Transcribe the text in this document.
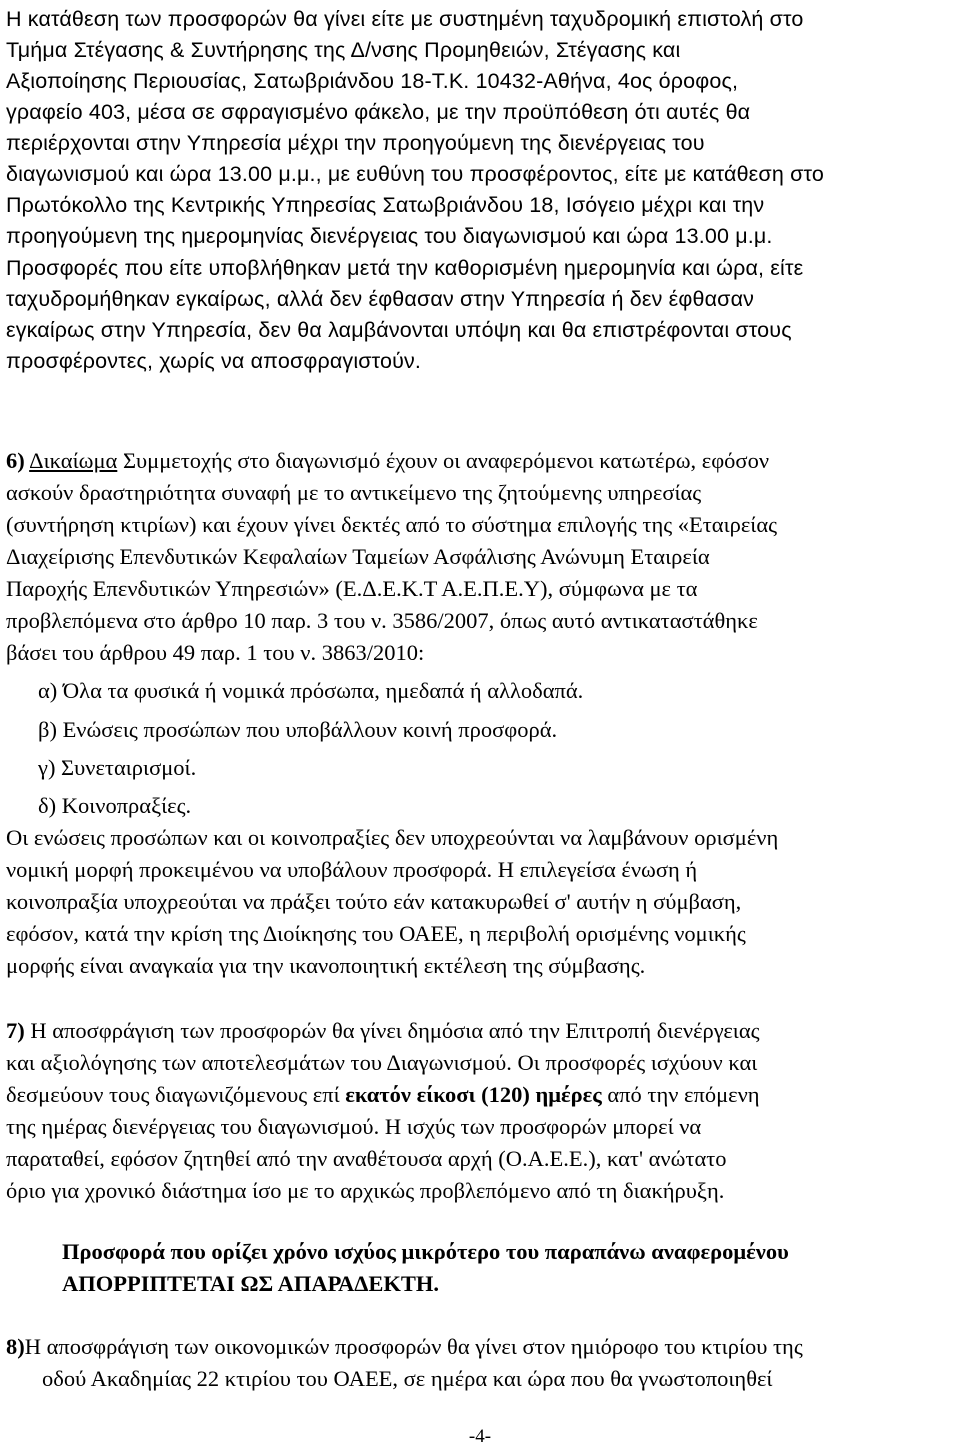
Η κατάθεση των προσφορών θα γίνει είτε με συστημένη ταχυδρομική επιστολή στο
Τμήμα Στέγασης & Συντήρησης της Δ/νσης Προμηθειών, Στέγασης και
Αξιοποίησης Περιουσίας, Σατωβριάνδου 18-Τ.Κ. 10432-Αθήνα, 4ος όροφος,
γραφείο 403, μέσα σε σφραγισμένο φάκελο, με την προϋπόθεση ότι αυτές θα
περιέρχονται στην Υπηρεσία μέχρι την προηγούμενη της διενέργειας του
διαγωνισμού και ώρα 13.00 μ.μ., με ευθύνη του προσφέροντος, είτε με κατάθεση στο
Πρωτόκολλο της Κεντρικής Υπηρεσίας Σατωβριάνδου 18, Ισόγειο μέχρι και την
προηγούμενη της ημερομηνίας διενέργειας του διαγωνισμού και ώρα 13.00 μ.μ.
Προσφορές που είτε υποβλήθηκαν μετά την καθορισμένη ημερομηνία και ώρα, είτε
ταχυδρομήθηκαν εγκαίρως, αλλά δεν έφθασαν στην Υπηρεσία ή δεν έφθασαν
εγκαίρως στην Υπηρεσία, δεν θα λαμβάνονται υπόψη και θα επιστρέφονται στους
προσφέροντες, χωρίς να αποσφραγιστούν.
6) Δικαίωμα Συμμετοχής στο διαγωνισμό έχουν οι αναφερόμενοι κατωτέρω, εφόσον
ασκούν δραστηριότητα συναφή με το αντικείμενο της ζητούμενης υπηρεσίας
(συντήρηση κτιρίων) και έχουν γίνει δεκτές από το σύστημα επιλογής της «Εταιρείας
Διαχείρισης Επενδυτικών Κεφαλαίων Ταμείων Ασφάλισης Ανώνυμη Εταιρεία
Παροχής Επενδυτικών Υπηρεσιών» (Ε.Δ.Ε.Κ.Τ Α.Ε.Π.Ε.Υ), σύμφωνα με τα
προβλεπόμενα στο άρθρο 10 παρ. 3 του ν. 3586/2007, όπως αυτό αντικαταστάθηκε
βάσει του άρθρου 49 παρ. 1 του ν. 3863/2010:
α) Όλα τα φυσικά ή νομικά πρόσωπα, ημεδαπά ή αλλοδαπά.
β) Ενώσεις προσώπων που υποβάλλουν κοινή προσφορά.
γ) Συνεταιρισμοί.
δ) Κοινοπραξίες.
Οι ενώσεις προσώπων και οι κοινοπραξίες δεν υποχρεούνται να λαμβάνουν ορισμένη
νομική μορφή προκειμένου να υποβάλουν προσφορά. Η επιλεγείσα ένωση ή
κοινοπραξία υποχρεούται να πράξει τούτο εάν κατακυρωθεί σ' αυτήν η σύμβαση,
εφόσον, κατά την κρίση της Διοίκησης του ΟΑΕΕ, η περιβολή ορισμένης νομικής
μορφής είναι αναγκαία για την ικανοποιητική εκτέλεση της σύμβασης.
7) Η αποσφράγιση των προσφορών θα γίνει δημόσια από την Επιτροπή διενέργειας
και αξιολόγησης των αποτελεσμάτων του Διαγωνισμού. Οι προσφορές ισχύουν και
δεσμεύουν τους διαγωνιζόμενους επί εκατόν είκοσι (120) ημέρες από την επόμενη
της ημέρας διενέργειας του διαγωνισμού. Η ισχύς των προσφορών μπορεί να
παραταθεί, εφόσον ζητηθεί από την αναθέτουσα αρχή (Ο.Α.Ε.Ε.), κατ' ανώτατο
όριο για χρονικό διάστημα ίσο με το αρχικώς προβλεπόμενο από τη διακήρυξη.
Προσφορά που ορίζει χρόνο ισχύος μικρότερο του παραπάνω αναφερομένου
ΑΠΟΡΡΙΠΤΕΤΑΙ ΩΣ ΑΠΑΡΑΔΕΚΤΗ.
8)Η αποσφράγιση των οικονομικών προσφορών θα γίνει στον ημιόροφο του κτιρίου της
οδού Ακαδημίας 22 κτιρίου του ΟΑΕΕ, σε ημέρα και ώρα που θα γνωστοποιηθεί
-4-
